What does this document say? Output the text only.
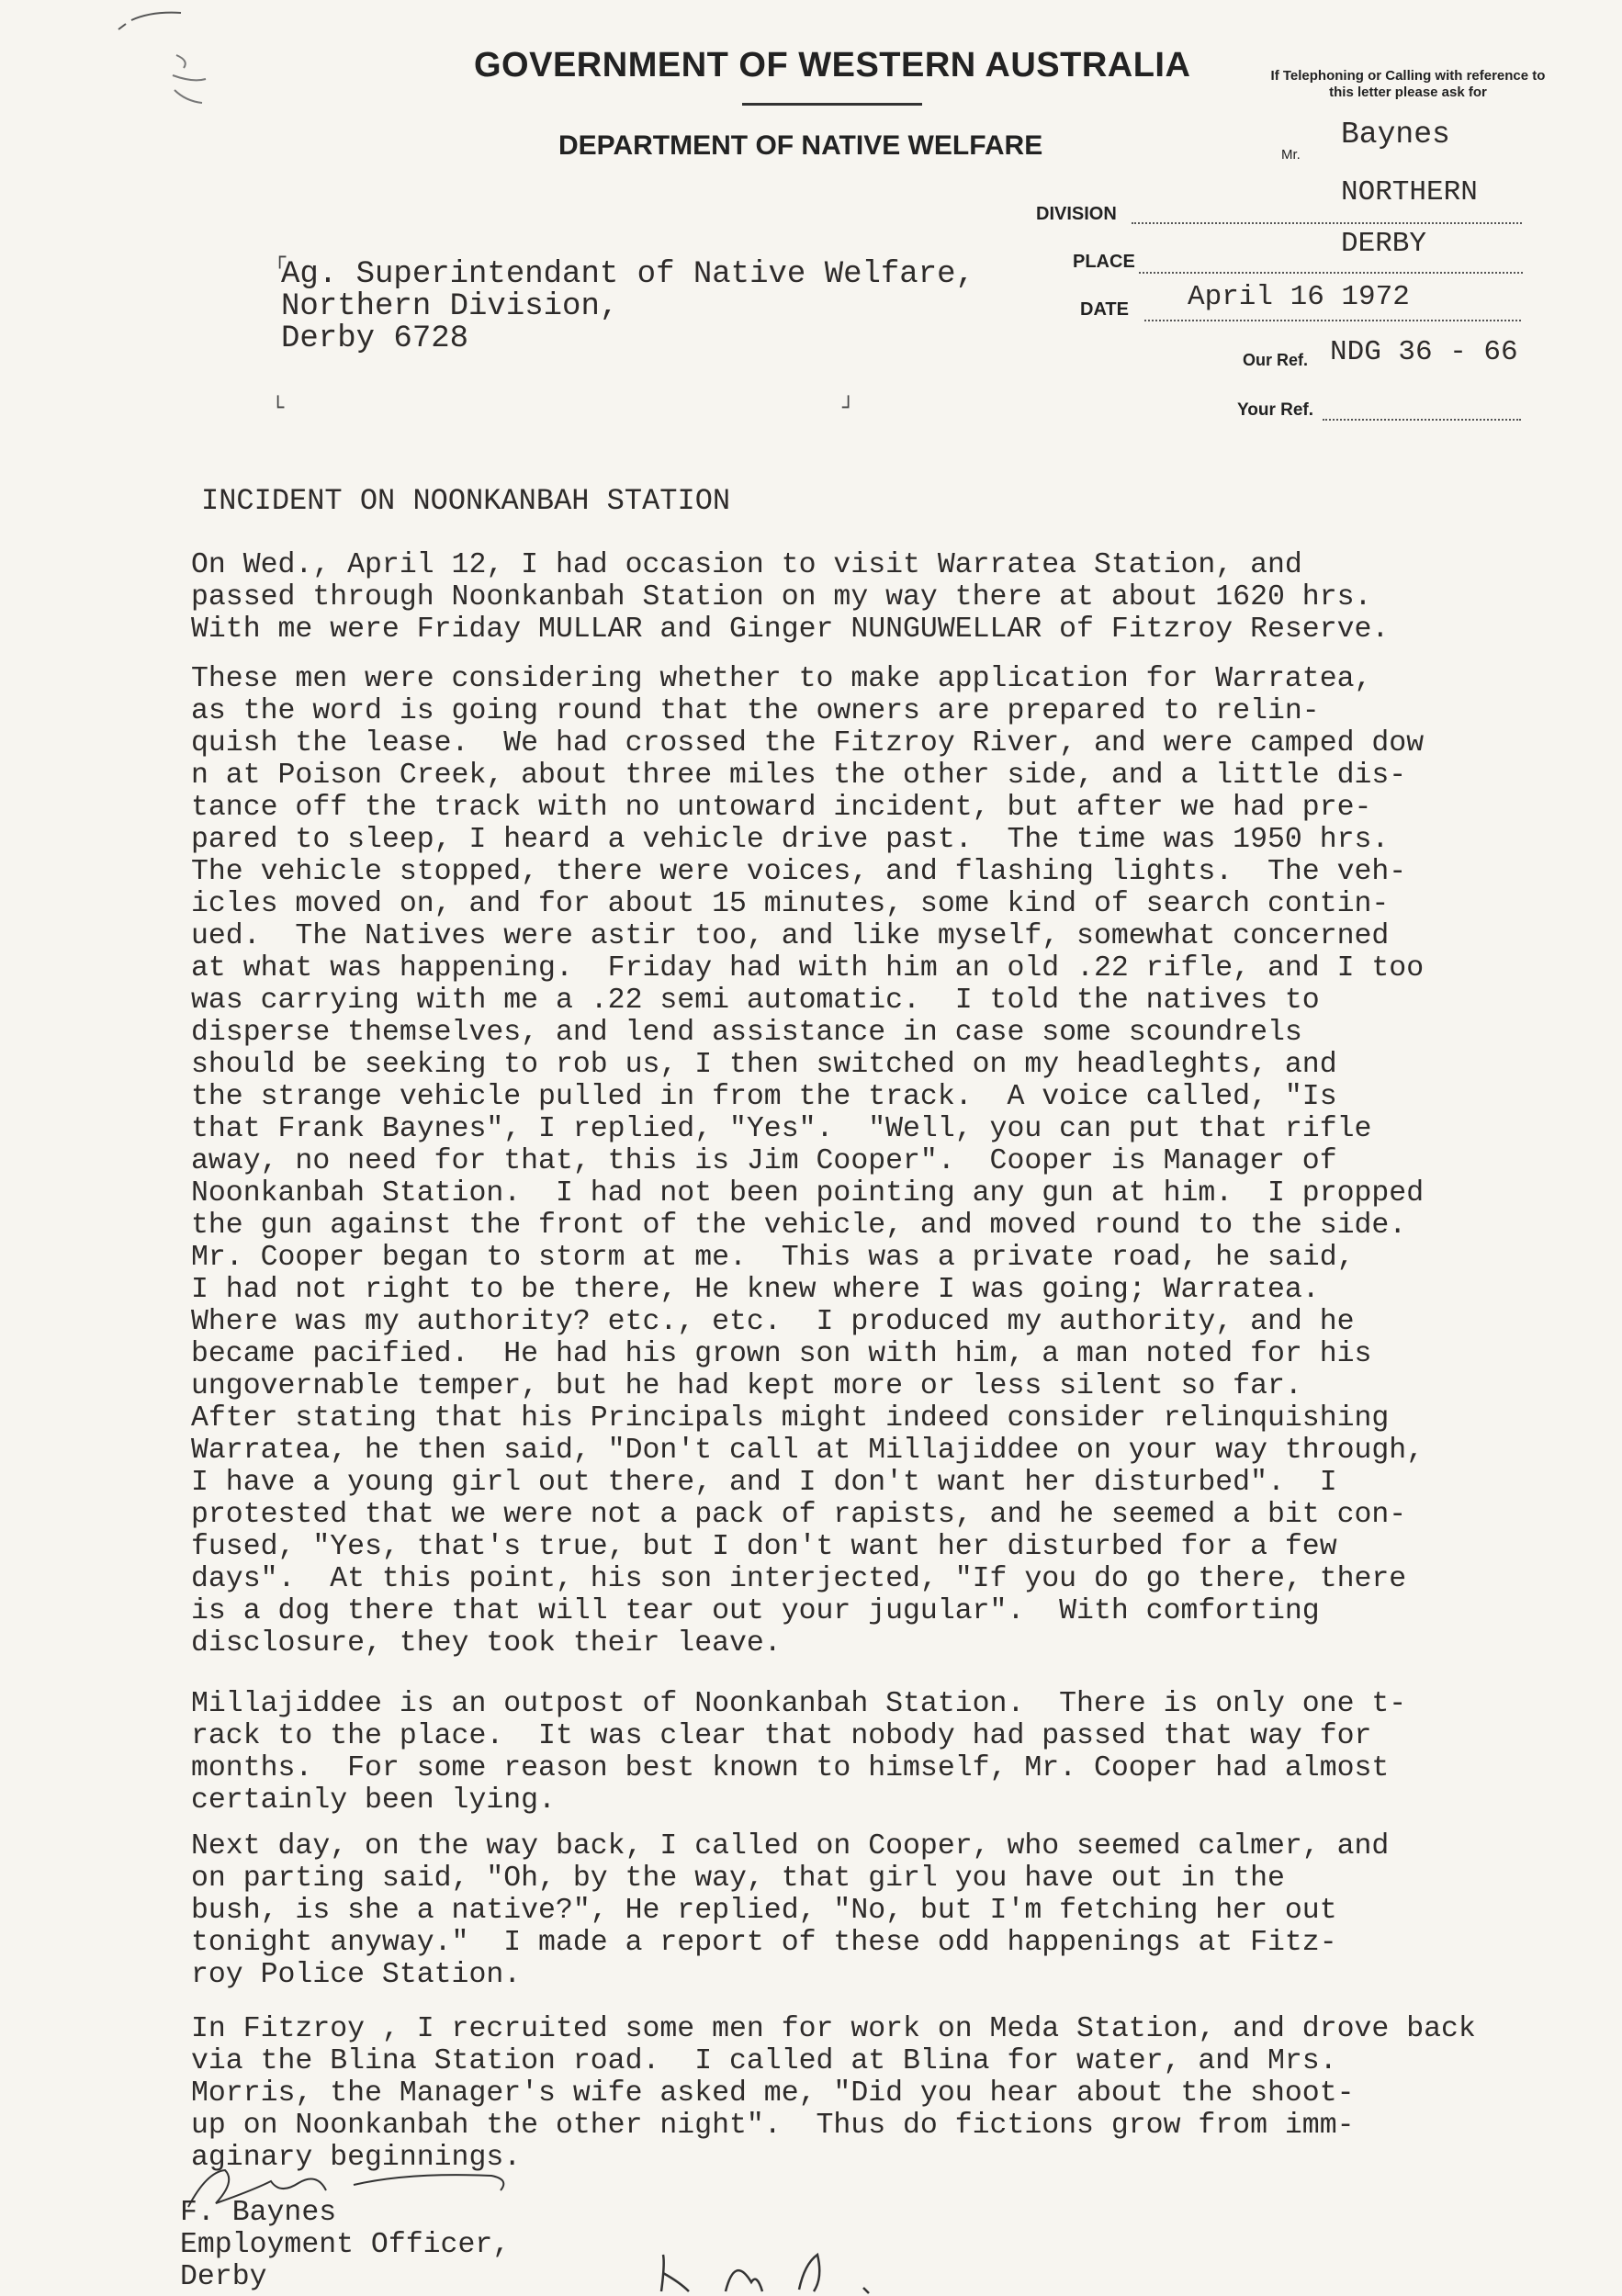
GOVERNMENT OF WESTERN AUSTRALIA
DEPARTMENT OF NATIVE WELFARE
If Telephoning or Calling with reference to this letter please ask for
Mr.
Baynes
NORTHERN
DIVISION
DERBY
PLACE
April 16 1972
DATE
NDG 36 - 66
Our Ref.
Your Ref.
┌
Ag. Superintendant of Native Welfare,
Northern Division,
Derby 6728
└	┘
INCIDENT ON NOONKANBAH STATION
On Wed., April 12, I had occasion to visit Warratea Station, and
passed through Noonkanbah Station on my way there at about 1620 hrs.
With me were Friday MULLAR and Ginger NUNGUWELLAR of Fitzroy Reserve.
These men were considering whether to make application for Warratea,
as the word is going round that the owners are prepared to relin-
quish the lease.  We had crossed the Fitzroy River, and were camped dow
n at Poison Creek, about three miles the other side, and a little dis-
tance off the track with no untoward incident, but after we had pre-
pared to sleep, I heard a vehicle drive past.  The time was 1950 hrs.
The vehicle stopped, there were voices, and flashing lights.  The veh-
icles moved on, and for about 15 minutes, some kind of search contin-
ued.  The Natives were astir too, and like myself, somewhat concerned
at what was happening.  Friday had with him an old .22 rifle, and I too
was carrying with me a .22 semi automatic.  I told the natives to
disperse themselves, and lend assistance in case some scoundrels
should be seeking to rob us, I then switched on my headleghts, and
the strange vehicle pulled in from the track.  A voice called, "Is
that Frank Baynes", I replied, "Yes".  "Well, you can put that rifle
away, no need for that, this is Jim Cooper".  Cooper is Manager of
Noonkanbah Station.  I had not been pointing any gun at him.  I propped
the gun against the front of the vehicle, and moved round to the side.
Mr. Cooper began to storm at me.  This was a private road, he said,
I had not right to be there, He knew where I was going; Warratea.
Where was my authority? etc., etc.  I produced my authority, and he
became pacified.  He had his grown son with him, a man noted for his
ungovernable temper, but he had kept more or less silent so far.
After stating that his Principals might indeed consider relinquishing
Warratea, he then said, "Don't call at Millajiddee on your way through,
I have a young girl out there, and I don't want her disturbed".  I
protested that we were not a pack of rapists, and he seemed a bit con-
fused, "Yes, that's true, but I don't want her disturbed for a few
days".  At this point, his son interjected, "If you do go there, there
is a dog there that will tear out your jugular".  With comforting
disclosure, they took their leave.
Millajiddee is an outpost of Noonkanbah Station.  There is only one t-
rack to the place.  It was clear that nobody had passed that way for
months.  For some reason best known to himself, Mr. Cooper had almost
certainly been lying.
Next day, on the way back, I called on Cooper, who seemed calmer, and
on parting said, "Oh, by the way, that girl you have out in the
bush, is she a native?", He replied, "No, but I'm fetching her out
tonight anyway."  I made a report of these odd happenings at Fitz-
roy Police Station.
In Fitzroy , I recruited some men for work on Meda Station, and drove back
via the Blina Station road.  I called at Blina for water, and Mrs.
Morris, the Manager's wife asked me, "Did you hear about the shoot-
up on Noonkanbah the other night".  Thus do fictions grow from imm-
aginary beginnings.
F. Baynes
Employment Officer,
Derby
